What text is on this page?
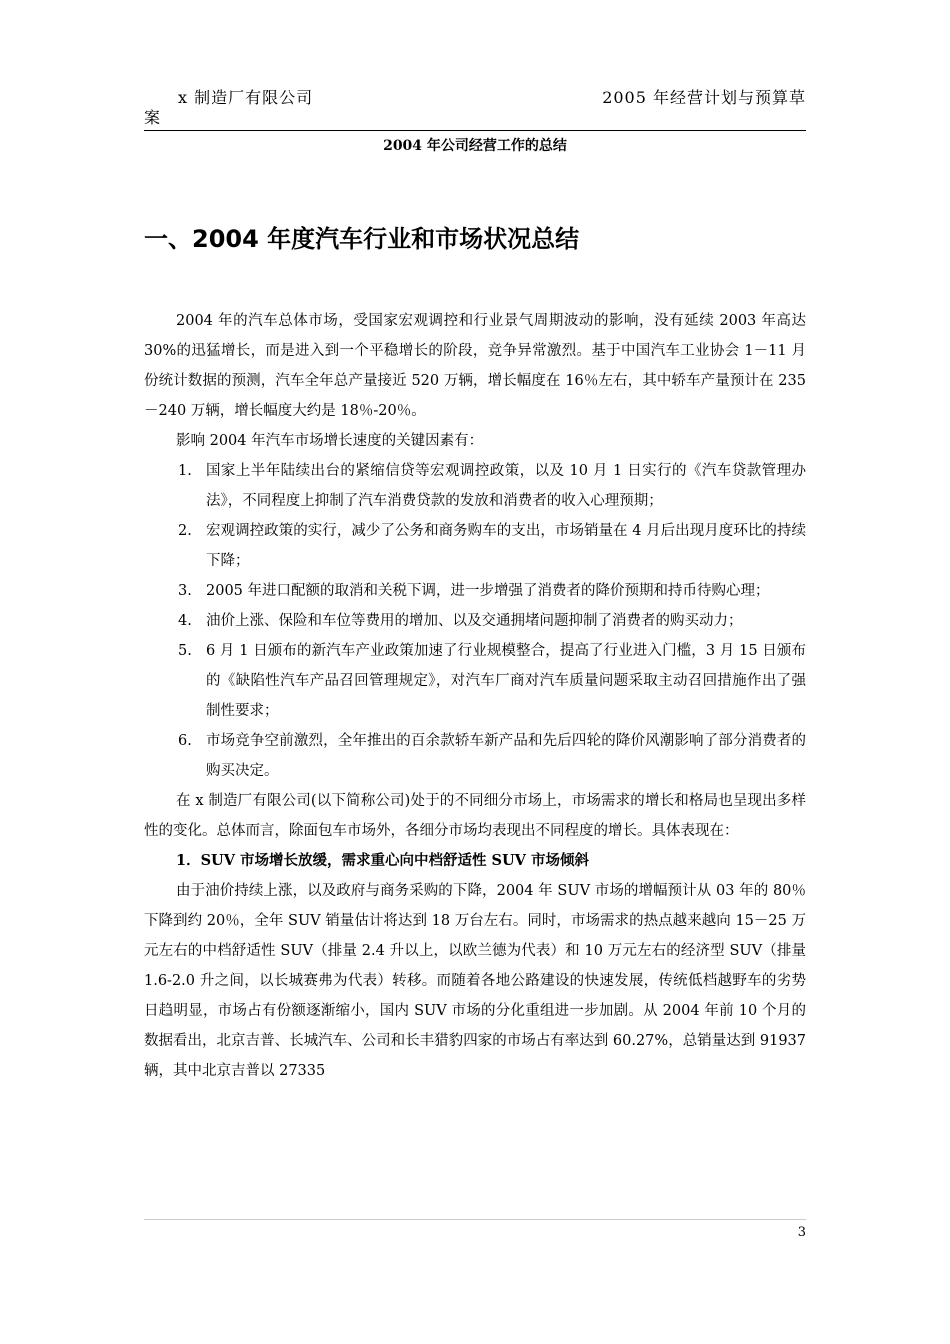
x 制造厂有限公司	2005 年经营计划与预算草
案
2004 年公司经营工作的总结
一、2004 年度汽车行业和市场状况总结

2004 年的汽车总体市场，受国家宏观调控和行业景气周期波动的影响，没有延续 2003 年高达 30%的迅猛增长，而是进入到一个平稳增长的阶段，竞争异常激烈。基于中国汽车工业协会 1－11 月份统计数据的预测，汽车全年总产量接近 520 万辆，增长幅度在 16％左右，其中轿车产量预计在 235－240 万辆，增长幅度大约是 18％-20％。

影响 2004 年汽车市场增长速度的关键因素有：

1. 国家上半年陆续出台的紧缩信贷等宏观调控政策，以及 10 月 1 日实行的《汽车贷款管理办法》，不同程度上抑制了汽车消费贷款的发放和消费者的收入心理预期；
2. 宏观调控政策的实行，减少了公务和商务购车的支出，市场销量在 4 月后出现月度环比的持续下降；
3. 2005 年进口配额的取消和关税下调，进一步增强了消费者的降价预期和持币待购心理；
4. 油价上涨、保险和车位等费用的增加、以及交通拥堵问题抑制了消费者的购买动力；
5. 6 月 1 日颁布的新汽车产业政策加速了行业规模整合，提高了行业进入门槛，3 月 15 日颁布的《缺陷性汽车产品召回管理规定》，对汽车厂商对汽车质量问题采取主动召回措施作出了强制性要求；
6. 市场竞争空前激烈，全年推出的百余款轿车新产品和先后四轮的降价风潮影响了部分消费者的购买决定。

在 x 制造厂有限公司(以下简称公司)处于的不同细分市场上，市场需求的增长和格局也呈现出多样性的变化。总体而言，除面包车市场外，各细分市场均表现出不同程度的增长。具体表现在：

1．SUV 市场增长放缓，需求重心向中档舒适性 SUV 市场倾斜

由于油价持续上涨，以及政府与商务采购的下降，2004 年 SUV 市场的增幅预计从 03 年的 80％下降到约 20％，全年 SUV 销量估计将达到 18 万台左右。同时，市场需求的热点越来越向 15－25 万元左右的中档舒适性 SUV（排量 2.4 升以上，以欧兰德为代表）和 10 万元左右的经济型 SUV（排量 1.6-2.0 升之间，以长城赛弗为代表）转移。而随着各地公路建设的快速发展，传统低档越野车的劣势日趋明显，市场占有份额逐渐缩小，国内 SUV 市场的分化重组进一步加剧。从 2004 年前 10 个月的数据看出，北京吉普、长城汽车、公司和长丰猎豹四家的市场占有率达到 60.27%，总销量达到 91937 辆，其中北京吉普以 27335

3
